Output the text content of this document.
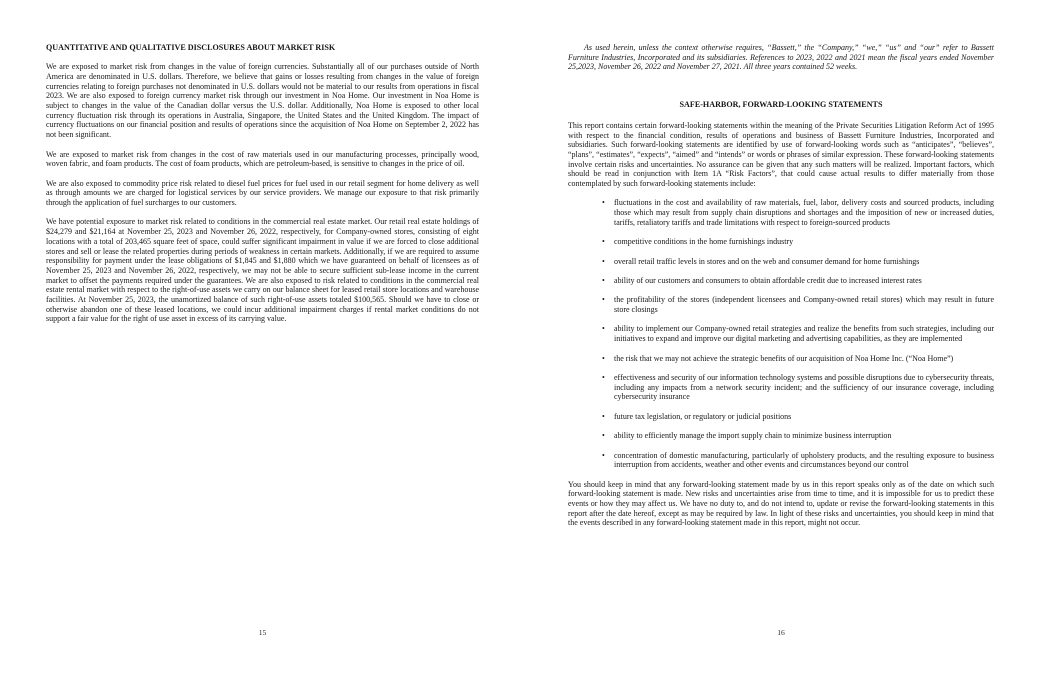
QUANTITATIVE AND QUALITATIVE DISCLOSURES ABOUT MARKET RISK

We are exposed to market risk from changes in the value of foreign currencies. Substantially all of our purchases outside of North America are denominated in U.S. dollars. Therefore, we believe that gains or losses resulting from changes in the value of foreign currencies relating to foreign purchases not denominated in U.S. dollars would not be material to our results from operations in fiscal 2023. We are also exposed to foreign currency market risk through our investment in Noa Home. Our investment in Noa Home is subject to changes in the value of the Canadian dollar versus the U.S. dollar. Additionally, Noa Home is exposed to other local currency fluctuation risk through its operations in Australia, Singapore, the United States and the United Kingdom. The impact of currency fluctuations on our financial position and results of operations since the acquisition of Noa Home on September 2, 2022 has not been significant.

We are exposed to market risk from changes in the cost of raw materials used in our manufacturing processes, principally wood, woven fabric, and foam products. The cost of foam products, which are petroleum-based, is sensitive to changes in the price of oil.

We are also exposed to commodity price risk related to diesel fuel prices for fuel used in our retail segment for home delivery as well as through amounts we are charged for logistical services by our service providers. We manage our exposure to that risk primarily through the application of fuel surcharges to our customers.

We have potential exposure to market risk related to conditions in the commercial real estate market. Our retail real estate holdings of $24,279 and $21,164 at November 25, 2023 and November 26, 2022, respectively, for Company-owned stores, consisting of eight locations with a total of 203,465 square feet of space, could suffer significant impairment in value if we are forced to close additional stores and sell or lease the related properties during periods of weakness in certain markets. Additionally, if we are required to assume responsibility for payment under the lease obligations of $1,845 and $1,880 which we have guaranteed on behalf of licensees as of November 25, 2023 and November 26, 2022, respectively, we may not be able to secure sufficient sub-lease income in the current market to offset the payments required under the guarantees. We are also exposed to risk related to conditions in the commercial real estate rental market with respect to the right-of-use assets we carry on our balance sheet for leased retail store locations and warehouse facilities. At November 25, 2023, the unamortized balance of such right-of-use assets totaled $100,565. Should we have to close or otherwise abandon one of these leased locations, we could incur additional impairment charges if rental market conditions do not support a fair value for the right of use asset in excess of its carrying value.

As used herein, unless the context otherwise requires, “Bassett,” the “Company,” “we,” “us” and “our” refer to Bassett Furniture Industries, Incorporated and its subsidiaries. References to 2023, 2022 and 2021 mean the fiscal years ended November 25,2023, November 26, 2022 and November 27, 2021. All three years contained 52 weeks.

SAFE-HARBOR, FORWARD-LOOKING STATEMENTS

This report contains certain forward-looking statements within the meaning of the Private Securities Litigation Reform Act of 1995 with respect to the financial condition, results of operations and business of Bassett Furniture Industries, Incorporated and subsidiaries. Such forward-looking statements are identified by use of forward-looking words such as “anticipates”, “believes”, “plans”, “estimates”, “expects”, “aimed” and “intends” or words or phrases of similar expression. These forward-looking statements involve certain risks and uncertainties. No assurance can be given that any such matters will be realized. Important factors, which should be read in conjunction with Item 1A “Risk Factors”, that could cause actual results to differ materially from those contemplated by such forward-looking statements include:

• fluctuations in the cost and availability of raw materials, fuel, labor, delivery costs and sourced products, including those which may result from supply chain disruptions and shortages and the imposition of new or increased duties, tariffs, retaliatory tariffs and trade limitations with respect to foreign-sourced products
• competitive conditions in the home furnishings industry
• overall retail traffic levels in stores and on the web and consumer demand for home furnishings
• ability of our customers and consumers to obtain affordable credit due to increased interest rates
• the profitability of the stores (independent licensees and Company-owned retail stores) which may result in future store closings
• ability to implement our Company-owned retail strategies and realize the benefits from such strategies, including our initiatives to expand and improve our digital marketing and advertising capabilities, as they are implemented
• the risk that we may not achieve the strategic benefits of our acquisition of Noa Home Inc. (“Noa Home”)
• effectiveness and security of our information technology systems and possible disruptions due to cybersecurity threats, including any impacts from a network security incident; and the sufficiency of our insurance coverage, including cybersecurity insurance
• future tax legislation, or regulatory or judicial positions
• ability to efficiently manage the import supply chain to minimize business interruption
• concentration of domestic manufacturing, particularly of upholstery products, and the resulting exposure to business interruption from accidents, weather and other events and circumstances beyond our control

You should keep in mind that any forward-looking statement made by us in this report speaks only as of the date on which such forward-looking statement is made. New risks and uncertainties arise from time to time, and it is impossible for us to predict these events or how they may affect us. We have no duty to, and do not intend to, update or revise the forward-looking statements in this report after the date hereof, except as may be required by law. In light of these risks and uncertainties, you should keep in mind that the events described in any forward-looking statement made in this report, might not occur.

15	16
